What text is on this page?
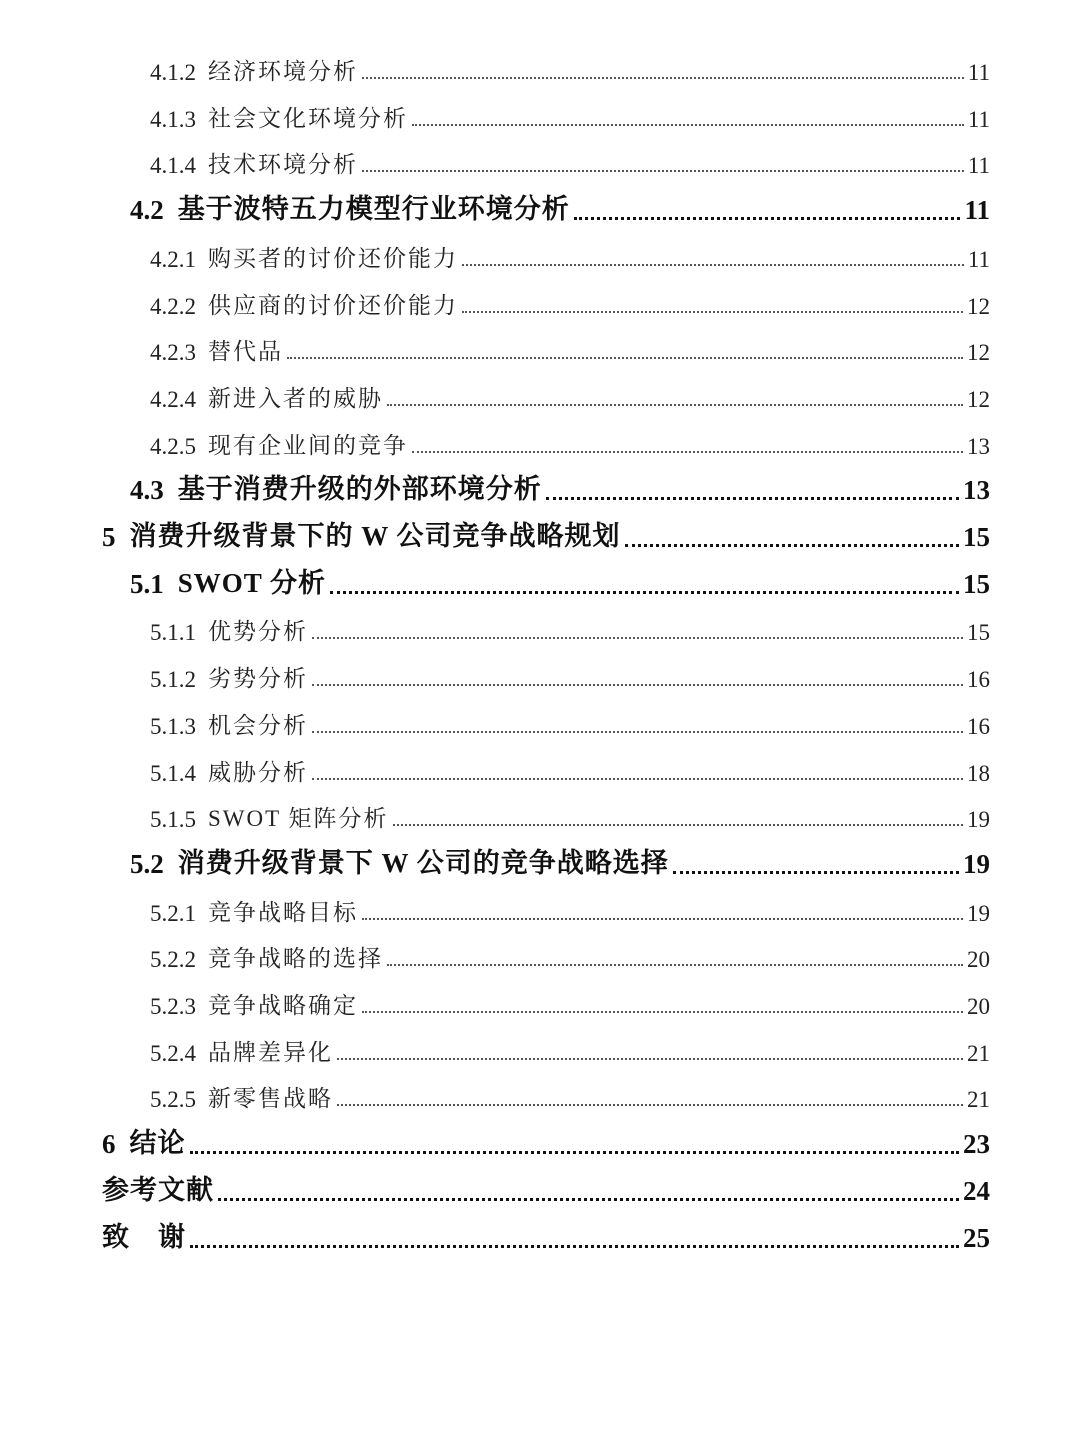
4.1.2 经济环境分析	11
4.1.3 社会文化环境分析	11
4.1.4 技术环境分析	11
4.2 基于波特五力模型行业环境分析	11
4.2.1 购买者的讨价还价能力	11
4.2.2 供应商的讨价还价能力	12
4.2.3 替代品	12
4.2.4 新进入者的威胁	12
4.2.5 现有企业间的竞争	13
4.3 基于消费升级的外部环境分析	13
5 消费升级背景下的 W 公司竞争战略规划	15
5.1 SWOT 分析	15
5.1.1 优势分析	15
5.1.2 劣势分析	16
5.1.3 机会分析	16
5.1.4 威胁分析	18
5.1.5 SWOT 矩阵分析	19
5.2 消费升级背景下 W 公司的竞争战略选择	19
5.2.1 竞争战略目标	19
5.2.2 竞争战略的选择	20
5.2.3 竞争战略确定	20
5.2.4 品牌差异化	21
5.2.5 新零售战略	21
6 结论	23
参考文献	24
致　谢	25
